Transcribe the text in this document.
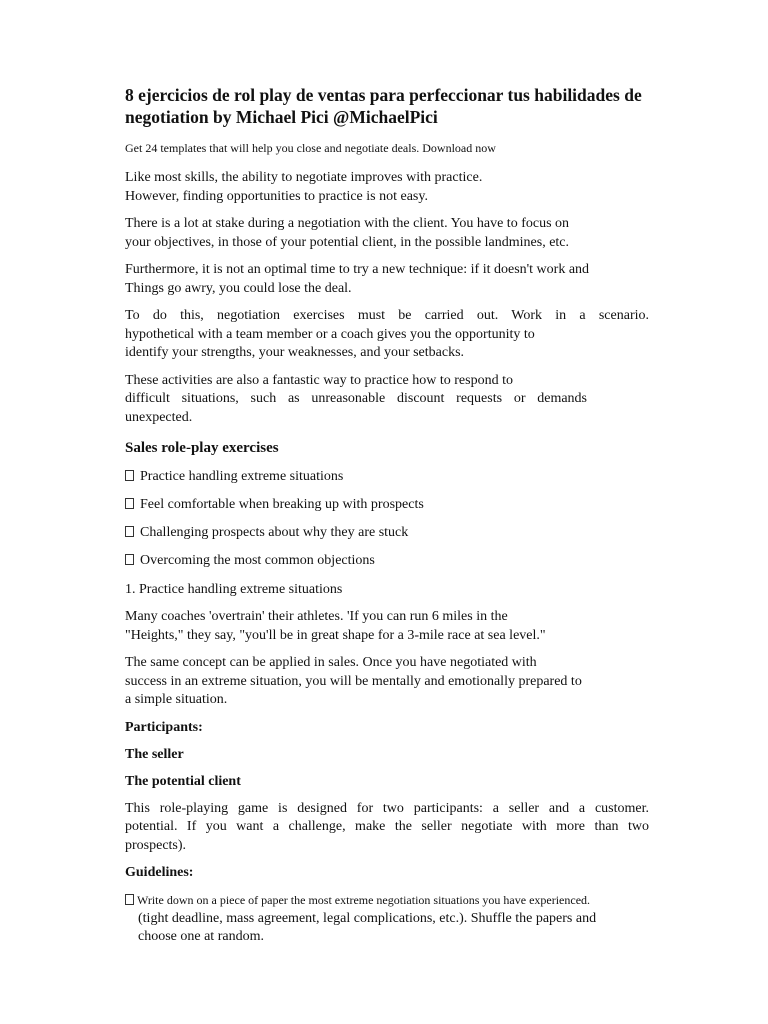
8 ejercicios de rol play de ventas para perfeccionar tus habilidades de negotiation by Michael Pici @MichaelPici
Get 24 templates that will help you close and negotiate deals. Download now

Like most skills, the ability to negotiate improves with practice.
However, finding opportunities to practice is not easy.

There is a lot at stake during a negotiation with the client. You have to focus on
your objectives, in those of your potential client, in the possible landmines, etc.

Furthermore, it is not an optimal time to try a new technique: if it doesn't work and
Things go awry, you could lose the deal.

To do this, negotiation exercises must be carried out. Work in a scenario.
hypothetical with a team member or a coach gives you the opportunity to
identify your strengths, your weaknesses, and your setbacks.

These activities are also a fantastic way to practice how to respond to
difficult situations, such as unreasonable discount requests or demands
unexpected.

Sales role-play exercises
Practice handling extreme situations
Feel comfortable when breaking up with prospects
Challenging prospects about why they are stuck
Overcoming the most common objections
1. Practice handling extreme situations

Many coaches 'overtrain' their athletes. 'If you can run 6 miles in the
"Heights," they say, "you'll be in great shape for a 3-mile race at sea level."

The same concept can be applied in sales. Once you have negotiated with
success in an extreme situation, you will be mentally and emotionally prepared to
a simple situation.

Participants:
The seller
The potential client

This role-playing game is designed for two participants: a seller and a customer.
potential. If you want a challenge, make the seller negotiate with more than two
prospects).

Guidelines:
Write down on a piece of paper the most extreme negotiation situations you have experienced.
(tight deadline, mass agreement, legal complications, etc.). Shuffle the papers and
choose one at random.
